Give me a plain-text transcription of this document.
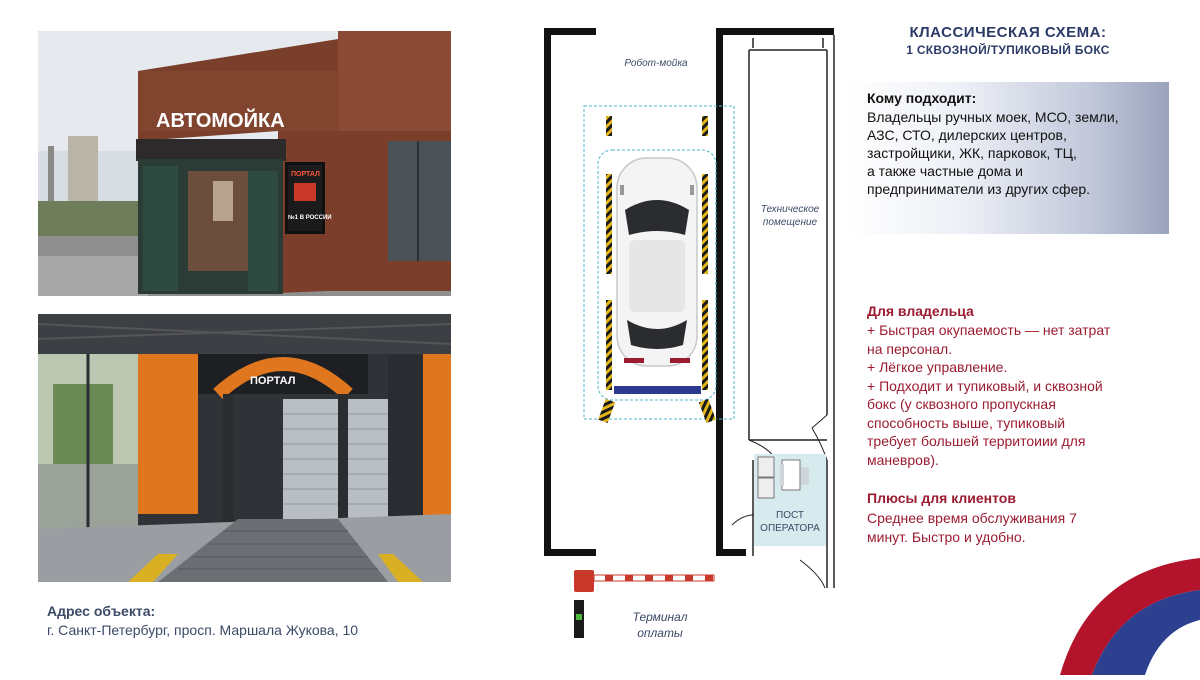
АВТОМОЙКА
ПОРТАЛ
№1 В РОССИИ
ПОРТАЛ
Адрес объекта:
г. Санкт-Петербург, просп. Маршала Жукова, 10
Робот-мойка
Техническое
помещение
ПОСТ
ОПЕРАТОРА
Терминал
оплаты
КЛАССИЧЕСКАЯ СХЕМА:
1 СКВОЗНОЙ/ТУПИКОВЫЙ БОКС
Кому подходит:
Владельцы ручных моек, МСО, земли,
АЗС, СТО, дилерских центров,
застройщики, ЖК, парковок, ТЦ,
а также частные дома и
предприниматели из других сфер.
Для владельца
+ Быстрая окупаемость — нет затрат
на персонал.
+ Лёгкое управление.
+ Подходит и тупиковый, и сквозной
бокс (у сквозного пропускная
способность выше, тупиковый
требует большей территоиии для
маневров).
Плюсы для клиентов
Среднее время обслуживания 7
минут. Быстро и удобно.
